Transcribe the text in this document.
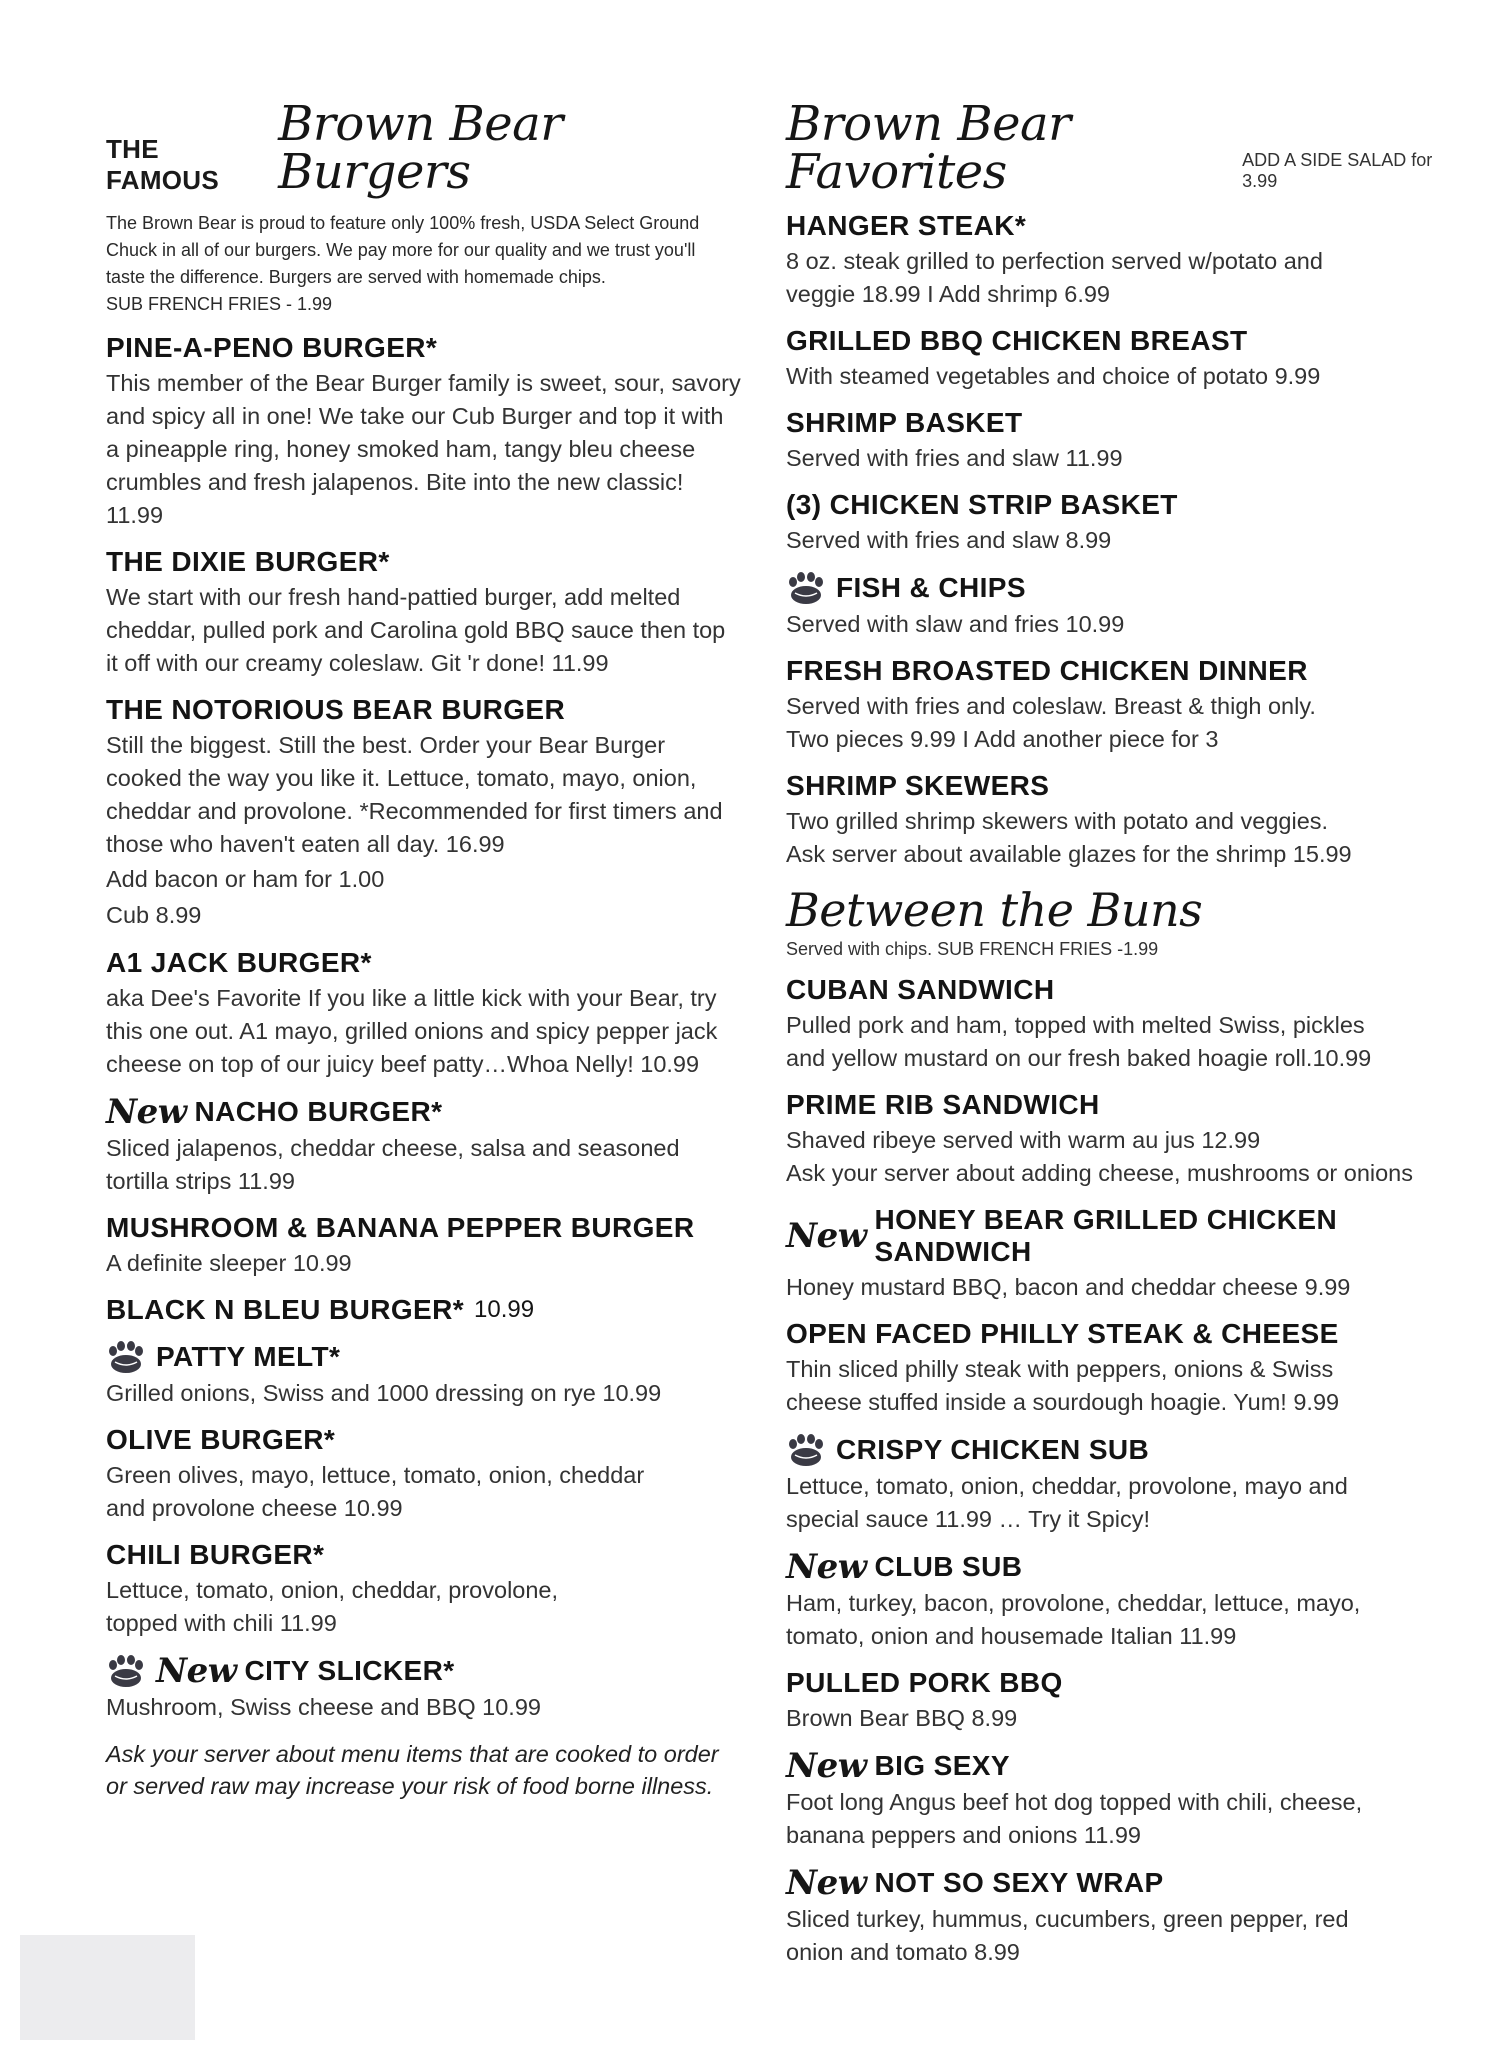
THE FAMOUS
Brown Bear Burgers

The Brown Bear is proud to feature only 100% fresh, USDA Select Ground

Chuck in all of our burgers. We pay more for our quality and we trust you'll

taste the difference. Burgers are served with homemade chips.

SUB FRENCH FRIES - 1.99

PINE-A-PENO BURGER*

This member of the Bear Burger family is sweet, sour, savory

and spicy all in one! We take our Cub Burger and top it with

a pineapple ring, honey smoked ham, tangy bleu cheese

crumbles and fresh jalapenos. Bite into the new classic!

11.99

THE DIXIE BURGER*

We start with our fresh hand-pattied burger, add melted

cheddar, pulled pork and Carolina gold BBQ sauce then top

it off with our creamy coleslaw. Git 'r done! 11.99

THE NOTORIOUS BEAR BURGER

Still the biggest. Still the best. Order your Bear Burger

cooked the way you like it. Lettuce, tomato, mayo, onion,

cheddar and provolone. *Recommended for first timers and

those who haven't eaten all day. 16.99

Add bacon or ham for 1.00
Cub 8.99
A1 JACK BURGER*

aka Dee's Favorite If you like a little kick with your Bear, try

this one out. A1 mayo, grilled onions and spicy pepper jack

cheese on top of our juicy beef patty…Whoa Nelly! 10.99

New NACHO BURGER*

Sliced jalapenos, cheddar cheese, salsa and seasoned

tortilla strips 11.99

MUSHROOM & BANANA PEPPER BURGER

A definite sleeper 10.99

BLACK N BLEU BURGER* 10.99
PATTY MELT*

Grilled onions, Swiss and 1000 dressing on rye 10.99

OLIVE BURGER*

Green olives, mayo, lettuce, tomato, onion, cheddar

and provolone cheese 10.99

CHILI BURGER*

Lettuce, tomato, onion, cheddar, provolone,

topped with chili 11.99

New CITY SLICKER*

Mushroom, Swiss cheese and BBQ 10.99

Ask your server about menu items that are cooked to order
or served raw may increase your risk of food borne illness.
Brown Bear Favorites	ADD A SIDE SALAD for 3.99
HANGER STEAK*

8 oz. steak grilled to perfection served w/potato and

veggie 18.99 I Add shrimp 6.99

GRILLED BBQ CHICKEN BREAST

With steamed vegetables and choice of potato 9.99

SHRIMP BASKET

Served with fries and slaw 11.99

(3) CHICKEN STRIP BASKET

Served with fries and slaw 8.99

FISH & CHIPS

Served with slaw and fries 10.99

FRESH BROASTED CHICKEN DINNER

Served with fries and coleslaw. Breast & thigh only.

Two pieces 9.99 I Add another piece for 3

SHRIMP SKEWERS

Two grilled shrimp skewers with potato and veggies.

Ask server about available glazes for the shrimp 15.99

Between the Buns
Served with chips. SUB FRENCH FRIES -1.99
CUBAN SANDWICH

Pulled pork and ham, topped with melted Swiss, pickles

and yellow mustard on our fresh baked hoagie roll.10.99

PRIME RIB SANDWICH

Shaved ribeye served with warm au jus 12.99

Ask your server about adding cheese, mushrooms or onions

New HONEY BEAR GRILLED CHICKEN SANDWICH

Honey mustard BBQ, bacon and cheddar cheese 9.99

OPEN FACED PHILLY STEAK & CHEESE

Thin sliced philly steak with peppers, onions & Swiss

cheese stuffed inside a sourdough hoagie. Yum! 9.99

CRISPY CHICKEN SUB

Lettuce, tomato, onion, cheddar, provolone, mayo and

special sauce 11.99 … Try it Spicy!

New CLUB SUB

Ham, turkey, bacon, provolone, cheddar, lettuce, mayo,

tomato, onion and housemade Italian 11.99

PULLED PORK BBQ

Brown Bear BBQ 8.99

New BIG SEXY

Foot long Angus beef hot dog topped with chili, cheese,

banana peppers and onions 11.99

New NOT SO SEXY WRAP

Sliced turkey, hummus, cucumbers, green pepper, red

onion and tomato 8.99
